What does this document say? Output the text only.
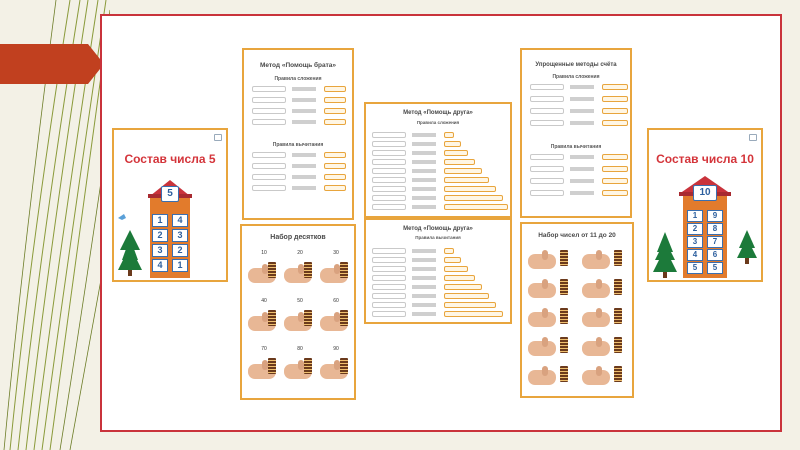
Состав числа 5
5
1	4
2	3
3	2
4	1
Метод «Помощь брата»
Правила сложения
Правила вычитания
Метод «Помощь друга»
Правила сложения
Упрощенные методы счёта
Правила сложения
Правила вычитания
Состав числа 10
10
1	9
2	8
3	7
4	6
5	5
Набор десятков
10	20	30
40	50	60
70	80	90
Метод «Помощь друга»
Правила вычитания	Набор чисел от 11 до 20
